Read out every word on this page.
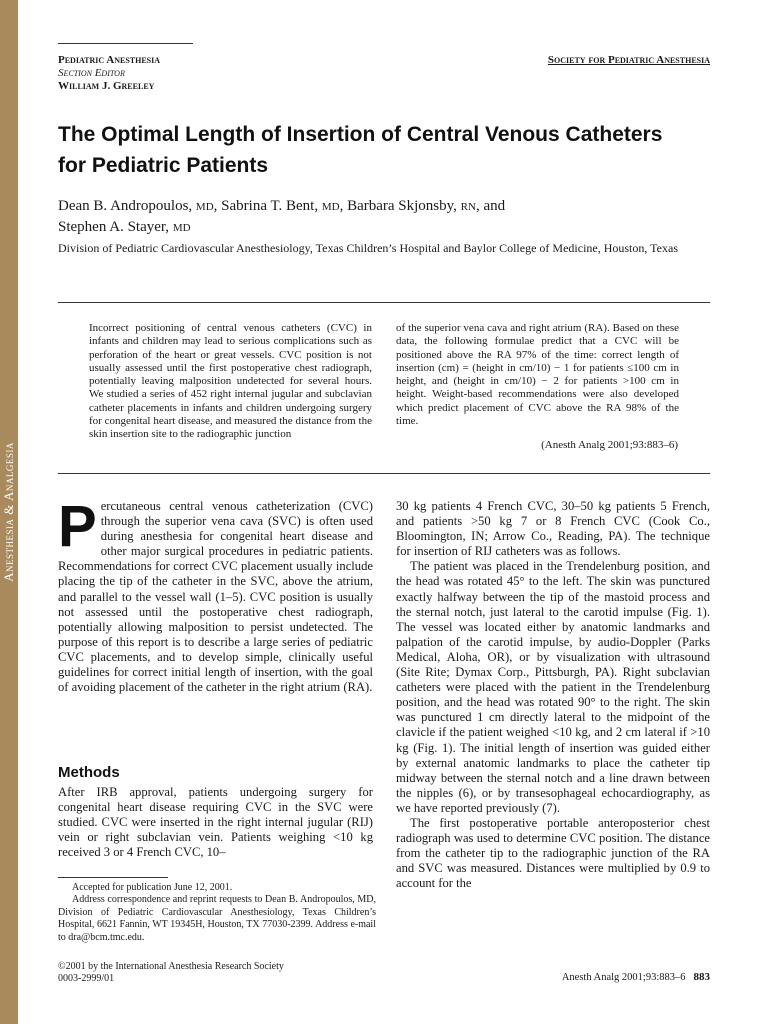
Anesthesia & Analgesia
Pediatric Anesthesia
Section Editor
William J. Greeley
Society for Pediatric Anesthesia
The Optimal Length of Insertion of Central Venous Catheters
for Pediatric Patients
Dean B. Andropoulos, MD, Sabrina T. Bent, MD, Barbara Skjonsby, RN, and
Stephen A. Stayer, MD
Division of Pediatric Cardiovascular Anesthesiology, Texas Children’s Hospital and Baylor College of Medicine, Houston, Texas
Incorrect positioning of central venous catheters (CVC) in infants and children may lead to serious complications such as perforation of the heart or great vessels. CVC position is not usually assessed until the first postoperative chest radiograph, potentially leaving malposition undetected for several hours. We studied a series of 452 right internal jugular and subclavian catheter placements in infants and children undergoing surgery for congenital heart disease, and measured the distance from the skin insertion site to the radiographic junction
of the superior vena cava and right atrium (RA). Based on these data, the following formulae predict that a CVC will be positioned above the RA 97% of the time: correct length of insertion (cm) = (height in cm/10) − 1 for patients ≤100 cm in height, and (height in cm/10) − 2 for patients >100 cm in height. Weight-based recommendations were also developed which predict placement of CVC above the RA 98% of the time.
(Anesth Analg 2001;93:883–6)

Percutaneous central venous catheterization (CVC) through the superior vena cava (SVC) is often used during anesthesia for congenital heart disease and other major surgical procedures in pediatric patients. Recommendations for correct CVC placement usually include placing the tip of the catheter in the SVC, above the atrium, and parallel to the vessel wall (1–5). CVC position is usually not assessed until the postoperative chest radiograph, potentially allowing malposition to persist undetected. The purpose of this report is to describe a large series of pediatric CVC placements, and to develop simple, clinically useful guidelines for correct initial length of insertion, with the goal of avoiding placement of the catheter in the right atrium (RA).

Methods

After IRB approval, patients undergoing surgery for congenital heart disease requiring CVC in the SVC were studied. CVC were inserted in the right internal jugular (RIJ) vein or right subclavian vein. Patients weighing <10 kg received 3 or 4 French CVC, 10–

Accepted for publication June 12, 2001.

Address correspondence and reprint requests to Dean B. Andropoulos, MD, Division of Pediatric Cardiovascular Anesthesiology, Texas Children’s Hospital, 6621 Fannin, WT 19345H, Houston, TX 77030-2399. Address e-mail to dra@bcm.tmc.edu.

30 kg patients 4 French CVC, 30–50 kg patients 5 French, and patients >50 kg 7 or 8 French CVC (Cook Co., Bloomington, IN; Arrow Co., Reading, PA). The technique for insertion of RIJ catheters was as follows.

The patient was placed in the Trendelenburg position, and the head was rotated 45° to the left. The skin was punctured exactly halfway between the tip of the mastoid process and the sternal notch, just lateral to the carotid impulse (Fig. 1). The vessel was located either by anatomic landmarks and palpation of the carotid impulse, by audio-Doppler (Parks Medical, Aloha, OR), or by visualization with ultrasound (Site Rite; Dymax Corp., Pittsburgh, PA). Right subclavian catheters were placed with the patient in the Trendelenburg position, and the head was rotated 90° to the right. The skin was punctured 1 cm directly lateral to the midpoint of the clavicle if the patient weighed <10 kg, and 2 cm lateral if >10 kg (Fig. 1). The initial length of insertion was guided either by external anatomic landmarks to place the catheter tip midway between the sternal notch and a line drawn between the nipples (6), or by transesophageal echocardiography, as we have reported previously (7).

The first postoperative portable anteroposterior chest radiograph was used to determine CVC position. The distance from the catheter tip to the radiographic junction of the RA and SVC was measured. Distances were multiplied by 0.9 to account for the

©2001 by the International Anesthesia Research Society
0003-2999/01	Anesth Analg 2001;93:883–6 883
